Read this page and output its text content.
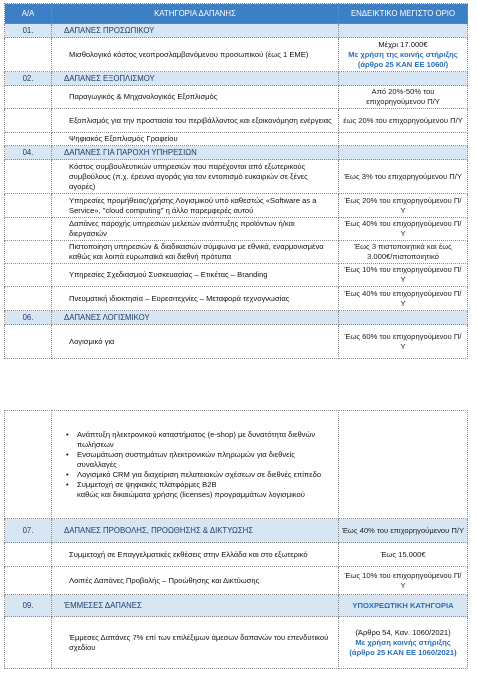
Α/Α	ΚΑΤΗΓΟΡΙΑ ΔΑΠΑΝΗΣ	ΕΝΔΕΙΚΤΙΚΟ ΜΕΓΙΣΤΟ ΟΡΙΟ
01.	ΔΑΠΑΝΕΣ ΠΡΟΣΩΠΙΚΟΥ	
	Μισθολογικό κόστος νεοπροσλαμβανόμενου προσωπικού (έως 1 ΕΜΕ)	Μέχρι 17.000€
Με χρήση της κοινής στήριξης
(άρθρο 25 ΚΑΝ ΕΕ 1060/)

02.	ΔΑΠΑΝΕΣ ΕΞΟΠΛΙΣΜΟΥ	
	Παραγωγικός & Μηχανολογικός Εξοπλισμός	Από 20%-50% του επιχορηγούμενου Π/Υ
	Εξοπλισμός για την προστασία του περιβάλλοντος και εξοικονόμηση ενέργειας	έως 20% του επιχορηγούμενου Π/Υ
	Ψηφιακός Εξοπλισμός Γραφείου	
04.	ΔΑΠΑΝΕΣ ΓΙΑ ΠΑΡΟΧΗ ΥΠΗΡΕΣΙΩΝ	
	Κόστος συμβουλευτικών υπηρεσιών που παρέχονται από εξωτερικούς συμβούλους (π.χ. έρευνα αγοράς για τον εντοπισμό ευκαιριών σε ξένες αγορές)	Έως 3% του επιχορηγούμενου Π/Υ
	Υπηρεσίες προμήθειας/χρήσης Λογισμικού υπό καθεστώς «Software as a Service», "cloud computing" η άλλο παρεμφερές αυτού	Έως 20% του επιχορηγούμενου Π/Υ
	Δαπάνες παροχής υπηρεσιών μελετών ανάπτυξης προϊόντων ή/και διεργασιών	Έως 40% του επιχορηγούμενου Π/Υ
	Πιστοποίηση υπηρεσιών & διαδικασιών σύμφωνα με εθνικά, εναρμονισμένα καθώς και λοιπά ευρωπαϊκά και διεθνή πρότυπα	Έως 3 πιστοποιητικά και έως 3.000€/πιστοποιητικό
	Υπηρεσίες Σχεδιασμού Συσκευασίας – Ετικέτας – Branding	Έως 10% του επιχορηγούμενου Π/Υ
	Πνευματική ιδιοκτησία – Ευρεσιτεχνίες – Μεταφορά τεχνογνωσίας	Έως 40% του επιχορηγούμενου Π/Υ
06.	ΔΑΠΑΝΕΣ ΛΟΓΙΣΜΙΚΟΥ	
	Λογισμικό για	Έως 60% του επιχορηγούμενου Π/Υ

	• Ανάπτυξη ηλεκτρονικού καταστήματος (e-shop) με δυνατότητα διεθνών πωλήσεων
• Ενσωμάτωση συστημάτων ηλεκτρονικών πληρωμών για διεθνείς συναλλαγές
• Λογισμικό CRM για διαχείριση πελατειακών σχέσεων σε διεθνές επίπεδο
• Συμμετοχή σε ψηφιακές πλατφόρμες B2B
καθώς και δικαιώματα χρήσης (licenses) προγραμμάτων λογισμικού

07.	ΔΑΠΑΝΕΣ ΠΡΟΒΟΛΗΣ, ΠΡΟΩΘΗΣΗΣ & ΔΙΚΤΥΩΣΗΣ	Έως 40% του επιχορηγούμενου Π/Υ
	Συμμετοχή σε Επαγγελματικές εκθέσεις στην Ελλάδα και στο εξωτερικό	Έως 15.000€
	Λοιπές Δαπάνες Προβολής – Προώθησης και Δικτύωσης	Έως 10% του επιχορηγούμενου Π/Υ
09.	ΈΜΜΕΣΕΣ ΔΑΠΑΝΕΣ	ΥΠΟΧΡΕΩΤΙΚΗ ΚΑΤΗΓΟΡΙΑ
	Έμμεσες Δαπάνες 7% επί των επιλέξιμων άμεσων δαπανών του επενδυτικού σχεδίου	(Άρθρο 54, Καν. 1060/2021)
Με χρήση κοινής στήριξης
(άρθρο 25 ΚΑΝ ΕΕ 1060/2021)
